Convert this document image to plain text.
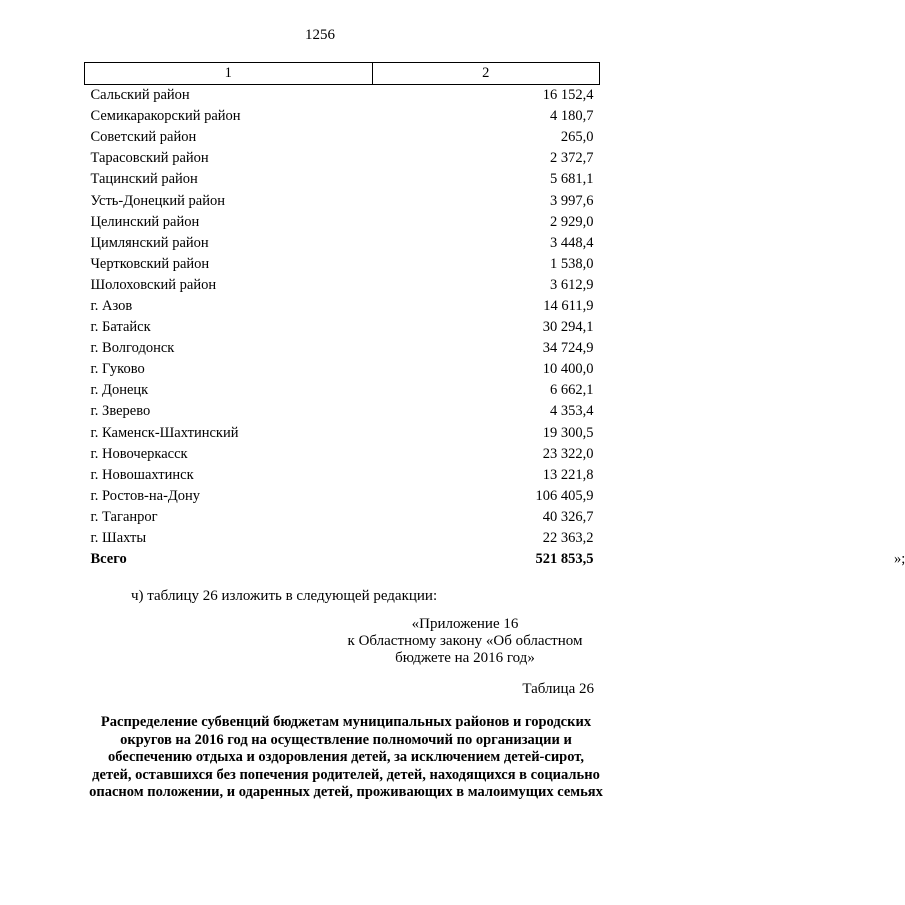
1256
1	2
Сальский район	16 152,4
Семикаракорский район	4 180,7
Советский район	265,0
Тарасовский район	2 372,7
Тацинский район	5 681,1
Усть-Донецкий район	3 997,6
Целинский район	2 929,0
Цимлянский район	3 448,4
Чертковский район	1 538,0
Шолоховский район	3 612,9
г. Азов	14 611,9
г. Батайск	30 294,1
г. Волгодонск	34 724,9
г. Гуково	10 400,0
г. Донецк	6 662,1
г. Зверево	4 353,4
г. Каменск-Шахтинский	19 300,5
г. Новочеркасск	23 322,0
г. Новошахтинск	13 221,8
г. Ростов-на-Дону	106 405,9
г. Таганрог	40 326,7
г. Шахты	22 363,2
Всего	521 853,5 »;
ч) таблицу 26 изложить в следующей редакции:
«Приложение 16
к Областному закону «Об областном
бюджете на 2016 год»
Таблица 26
Распределение субвенций бюджетам муниципальных районов и городских округов на 2016 год на осуществление полномочий по организации и обеспечению отдыха и оздоровления детей, за исключением детей-сирот, детей, оставшихся без попечения родителей, детей, находящихся в социально опасном положении, и одаренных детей, проживающих в малоимущих семьях
